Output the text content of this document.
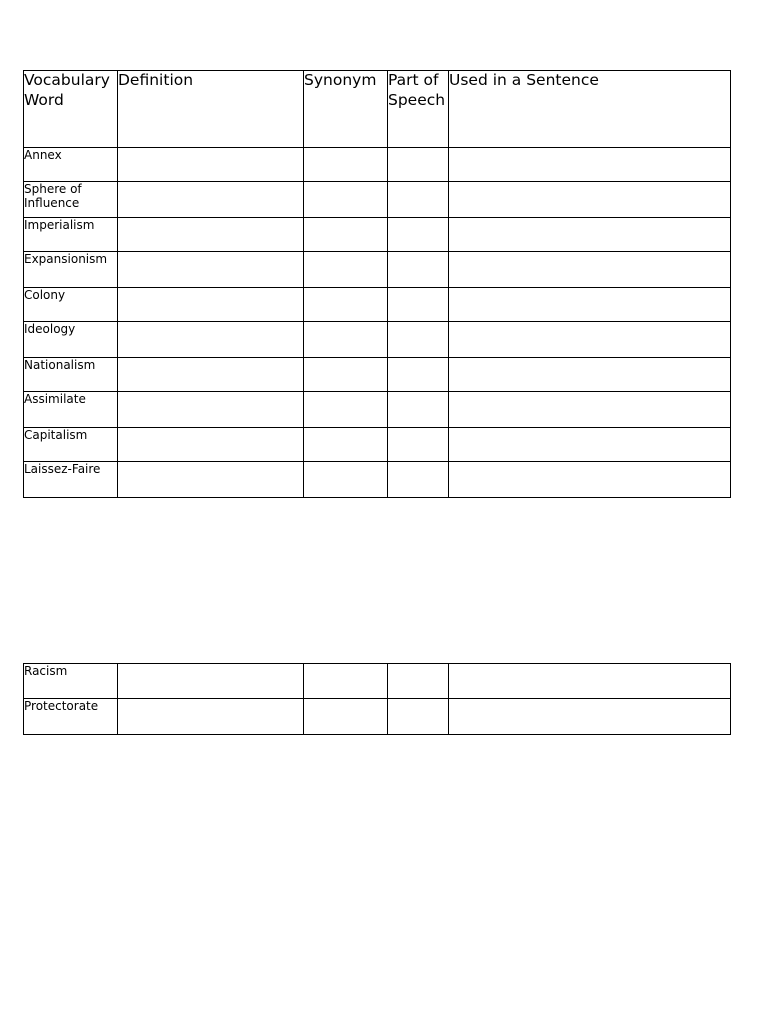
Vocabulary Word	Definition	Synonym	Part of Speech	Used in a Sentence
Annex				
Sphere of Influence				
Imperialism				
Expansionism				
Colony				
Ideology				
Nationalism				
Assimilate				
Capitalism				
Laissez-Faire				
Racism				
Protectorate				
